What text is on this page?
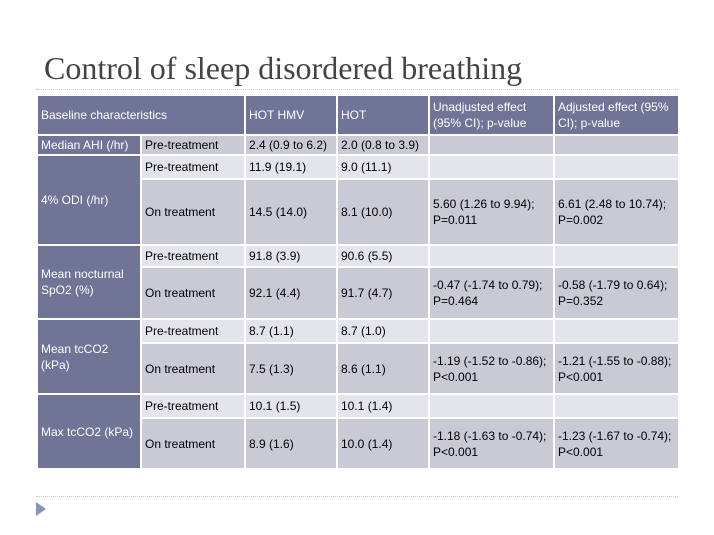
Control of sleep disordered breathing
Baseline characteristics		HOT HMV	HOT	Unadjusted effect (95% CI); p-value	Adjusted effect (95% CI); p-value
Median AHI (/hr)	Pre-treatment	2.4 (0.9 to 6.2)	2.0 (0.8 to 3.9)		
4% ODI (/hr)	Pre-treatment	11.9 (19.1)	9.0 (11.1)		
	On treatment	14.5 (14.0)	8.1 (10.0)	5.60 (1.26 to 9.94); P=0.011	6.61 (2.48 to 10.74); P=0.002
Mean nocturnal SpO2 (%)	Pre-treatment	91.8 (3.9)	90.6 (5.5)		
	On treatment	92.1 (4.4)	91.7 (4.7)	-0.47 (-1.74 to 0.79); P=0.464	-0.58 (-1.79 to 0.64); P=0.352
Mean tcCO2 (kPa)	Pre-treatment	8.7 (1.1)	8.7 (1.0)		
	On treatment	7.5 (1.3)	8.6 (1.1)	-1.19 (-1.52 to -0.86); P<0.001	-1.21 (-1.55 to -0.88); P<0.001
Max tcCO2 (kPa)	Pre-treatment	10.1 (1.5)	10.1 (1.4)		
	On treatment	8.9 (1.6)	10.0 (1.4)	-1.18 (-1.63 to -0.74); P<0.001	-1.23 (-1.67 to -0.74); P<0.001
